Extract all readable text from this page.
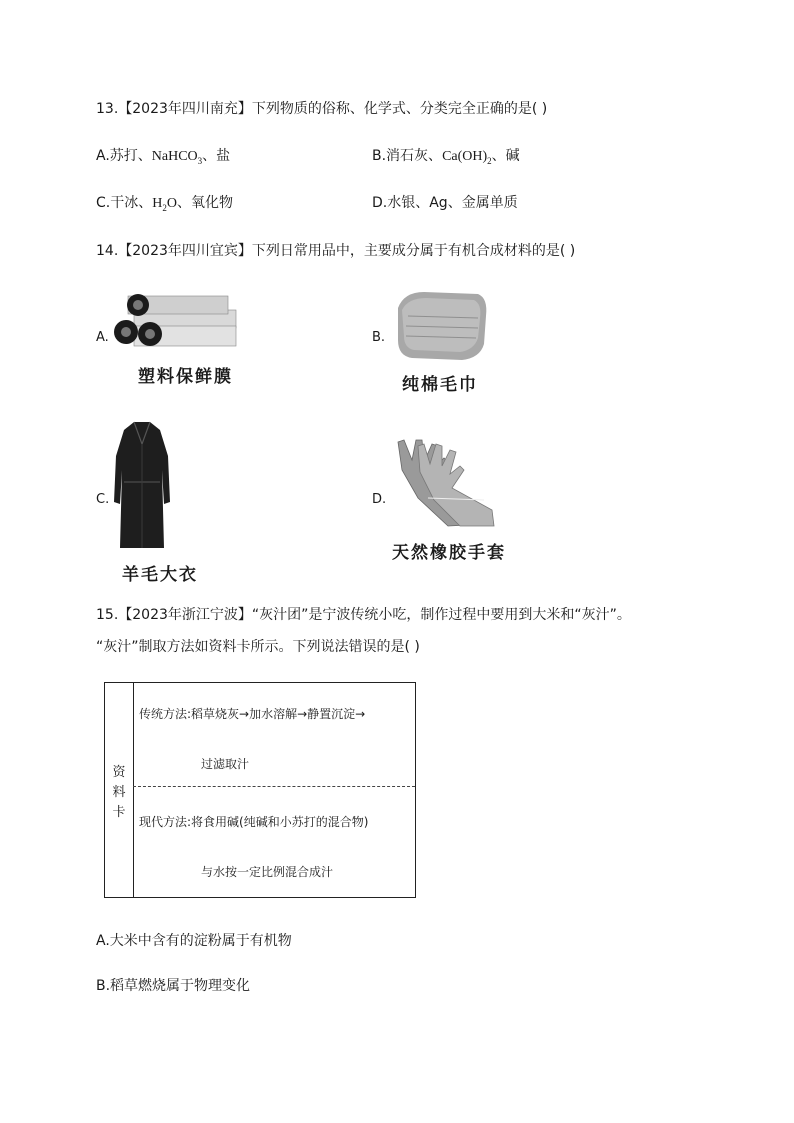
13.【2023年四川南充】下列物质的俗称、化学式、分类完全正确的是( )
A.苏打、NaHCO$_3$、盐	B.消石灰、$Ca(OH)_2$、碱
C.干冰、$H_2O$、氧化物	D.水银、Ag、金属单质
14.【2023年四川宜宾】下列日常用品中，主要成分属于有机合成材料的是( )
A.
塑料保鲜膜
B.
纯棉毛巾
C.
羊毛大衣
D.
天然橡胶手套
15.【2023年浙江宁波】“灰汁团”是宁波传统小吃，制作过程中要用到大米和“灰汁”。
“灰汁”制取方法如资料卡所示。下列说法错误的是( )
资
料
卡
传统方法:稻草烧灰→加水溶解→静置沉淀→
过滤取汁
现代方法:将食用碱(纯碱和小苏打的混合物)
与水按一定比例混合成汁
A.大米中含有的淀粉属于有机物
B.稻草燃烧属于物理变化
